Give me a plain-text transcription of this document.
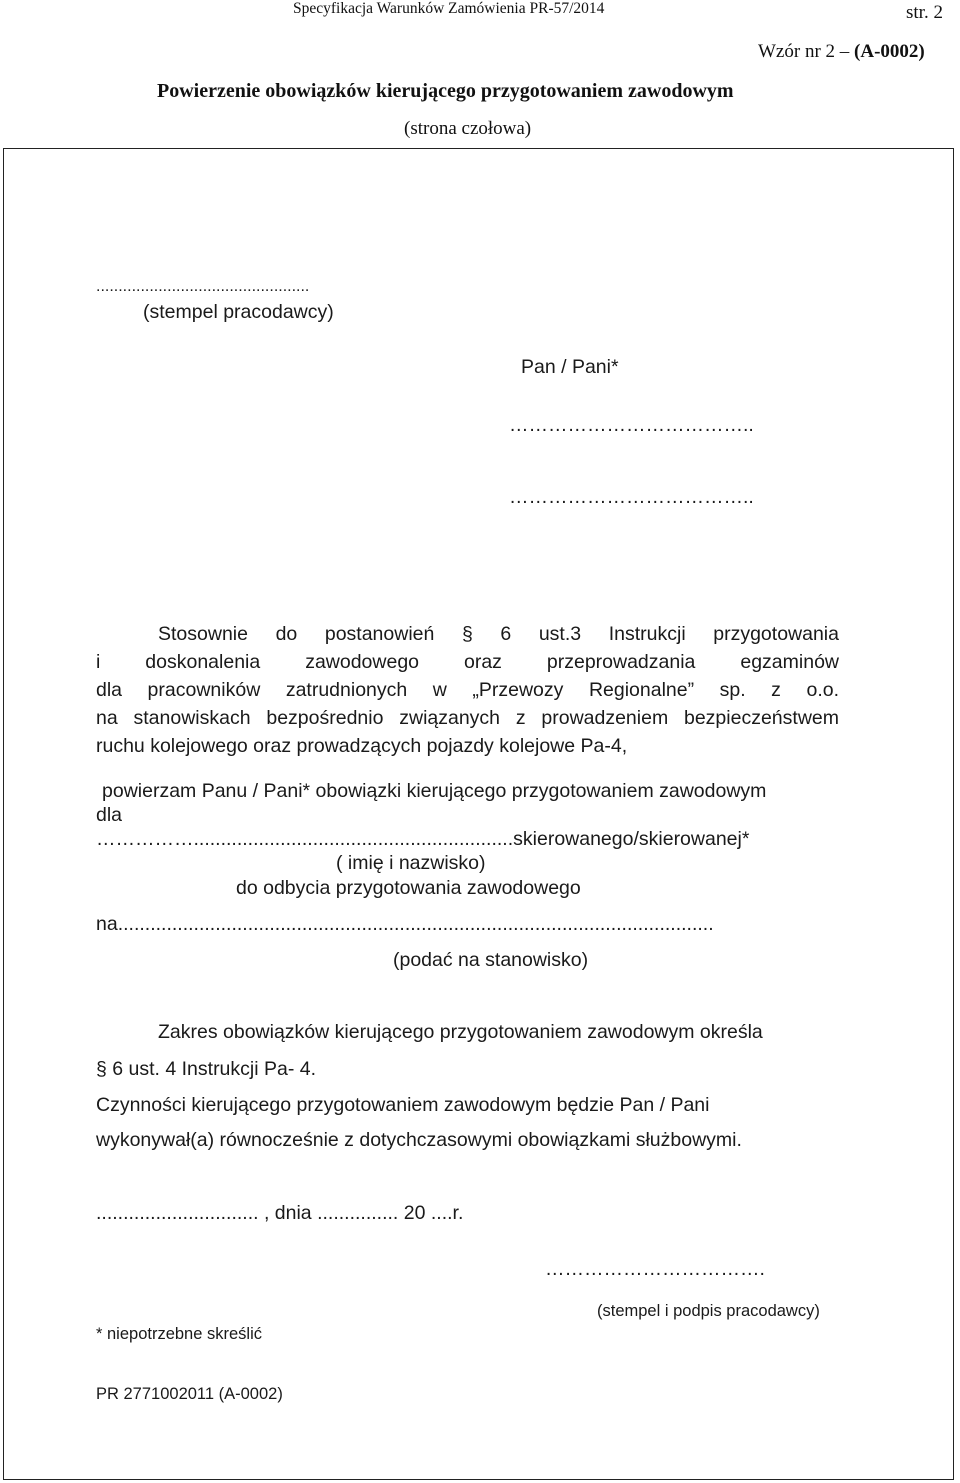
Specyfikacja Warunków Zamówienia PR-57/2014	str. 2
Wzór nr 2 – (A-0002)
Powierzenie obowiązków kierującego przygotowaniem zawodowym
(strona czołowa)
................................................
(stempel pracodawcy)
Pan / Pani*
………………………………..
………………………………..
Stosownie do postanowień § 6 ust.3 Instrukcji przygotowania
i doskonalenia zawodowego oraz przeprowadzania egzaminów
dla pracowników zatrudnionych w „Przewozy Regionalne” sp. z o.o.
na stanowiskach bezpośrednio związanych z prowadzeniem bezpieczeństwem
ruchu kolejowego oraz prowadzących pojazdy kolejowe Pa-4,
powierzam Panu / Pani* obowiązki kierującego przygotowaniem zawodowym
dla
……………...........................................................skierowanego/skierowanej*
( imię i nazwisko)
do odbycia przygotowania zawodowego
na..............................................................................................................
(podać na stanowisko)
Zakres obowiązków kierującego przygotowaniem zawodowym określa
§ 6 ust. 4 Instrukcji Pa- 4.
Czynności kierującego przygotowaniem zawodowym będzie Pan / Pani
wykonywał(a) równocześnie z dotychczasowymi obowiązkami służbowymi.
.............................. , dnia ............... 20 ....r.
…………………………….
(stempel i podpis pracodawcy)
* niepotrzebne skreślić
PR 2771002011 (A-0002)
